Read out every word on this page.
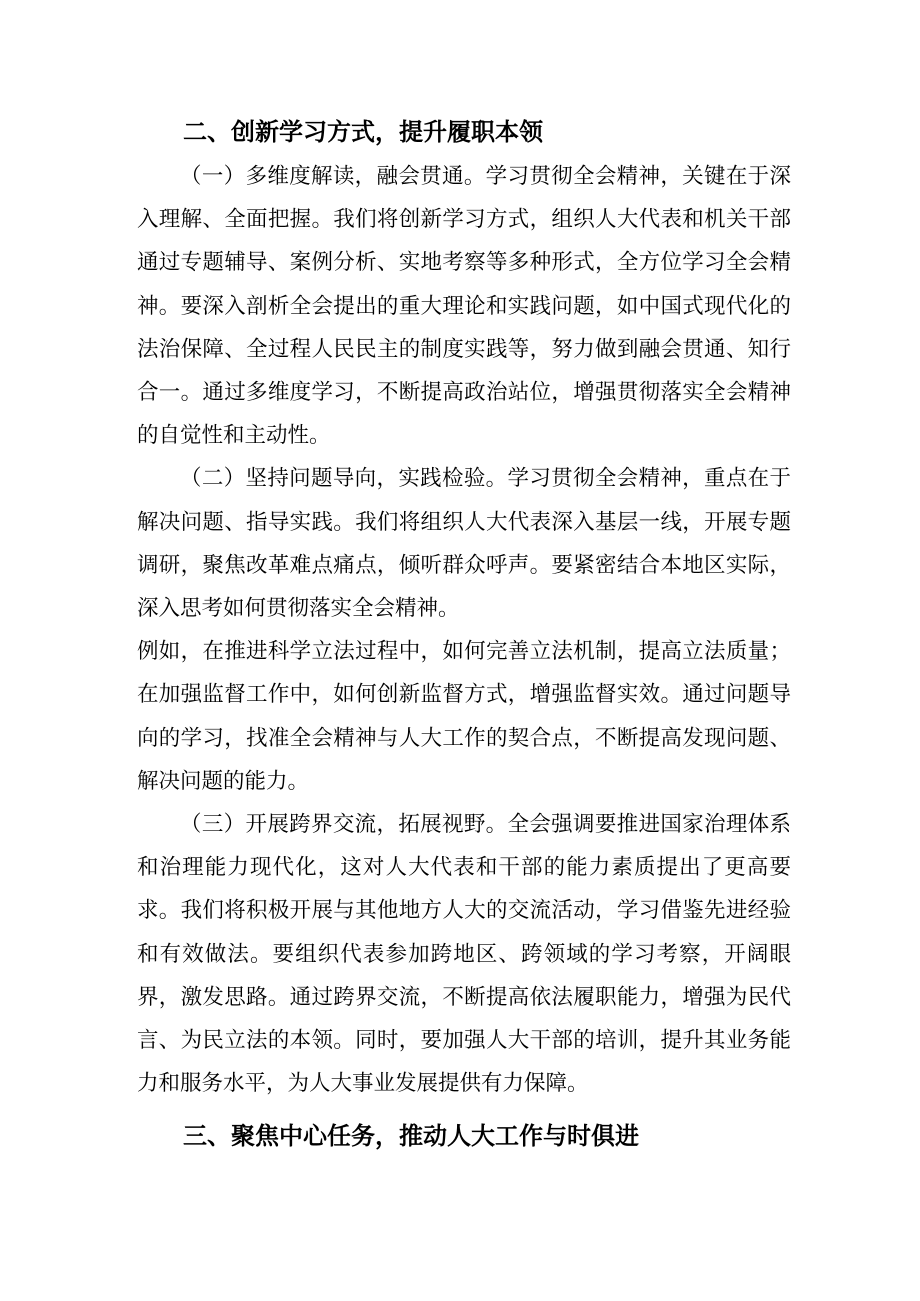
二、创新学习方式，提升履职本领

（一）多维度解读，融会贯通。学习贯彻全会精神，关键在于深入理解、全面把握。我们将创新学习方式，组织人大代表和机关干部通过专题辅导、案例分析、实地考察等多种形式，全方位学习全会精神。要深入剖析全会提出的重大理论和实践问题，如中国式现代化的法治保障、全过程人民民主的制度实践等，努力做到融会贯通、知行合一。通过多维度学习，不断提高政治站位，增强贯彻落实全会精神的自觉性和主动性。

（二）坚持问题导向，实践检验。学习贯彻全会精神，重点在于解决问题、指导实践。我们将组织人大代表深入基层一线，开展专题调研，聚焦改革难点痛点，倾听群众呼声。要紧密结合本地区实际，深入思考如何贯彻落实全会精神。

例如，在推进科学立法过程中，如何完善立法机制，提高立法质量；在加强监督工作中，如何创新监督方式，增强监督实效。通过问题导向的学习，找准全会精神与人大工作的契合点，不断提高发现问题、解决问题的能力。

（三）开展跨界交流，拓展视野。全会强调要推进国家治理体系和治理能力现代化，这对人大代表和干部的能力素质提出了更高要求。我们将积极开展与其他地方人大的交流活动，学习借鉴先进经验和有效做法。要组织代表参加跨地区、跨领域的学习考察，开阔眼界，激发思路。通过跨界交流，不断提高依法履职能力，增强为民代言、为民立法的本领。同时，要加强人大干部的培训，提升其业务能力和服务水平，为人大事业发展提供有力保障。

三、聚焦中心任务，推动人大工作与时俱进
